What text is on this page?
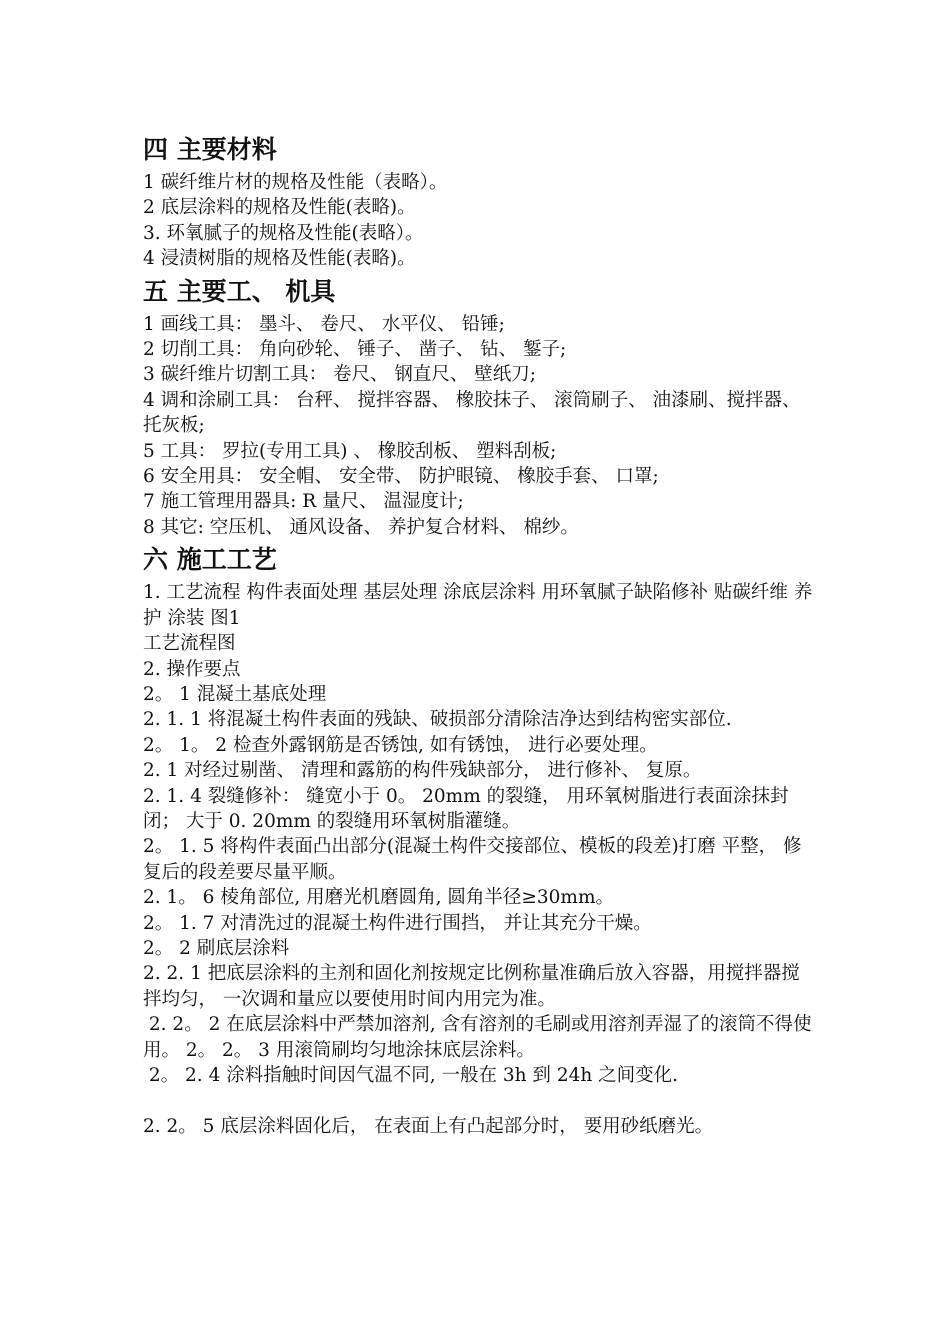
四 主要材料

1 碳纤维片材的规格及性能（表略）。

2 底层涂料的规格及性能(表略)。

3. 环氧腻子的规格及性能(表略）。

4 浸渍树脂的规格及性能(表略)。

五 主要工、 机具

1 画线工具： 墨斗、 卷尺、 水平仪、 铅锤;

2 切削工具： 角向砂轮、 锤子、 凿子、 钻、 錾子;

3 碳纤维片切割工具： 卷尺、 钢直尺、 壁纸刀;

4 调和涂刷工具： 台秤、 搅拌容器、 橡胶抹子、 滚筒刷子、 油漆刷、搅拌器、托灰板;

5 工具： 罗拉(专用工具) 、 橡胶刮板、 塑料刮板;

6 安全用具： 安全帽、 安全带、 防护眼镜、 橡胶手套、 口罩;

7 施工管理用器具: R 量尺、 温湿度计;

8 其它: 空压机、 通风设备、 养护复合材料、 棉纱。

六 施工工艺

1. 工艺流程 构件表面处理 基层处理 涂底层涂料 用环氧腻子缺陷修补 贴碳纤维 养护 涂装 图1

工艺流程图

2. 操作要点

2。 1 混凝土基底处理

2. 1. 1 将混凝土构件表面的残缺、破损部分清除洁净达到结构密实部位.

2。 1。 2 检查外露钢筋是否锈蚀, 如有锈蚀， 进行必要处理。

2. 1 对经过剔凿、 清理和露筋的构件残缺部分， 进行修补、 复原。

2. 1. 4 裂缝修补： 缝宽小于 0。 20mm 的裂缝， 用环氧树脂进行表面涂抹封闭； 大于 0. 20mm 的裂缝用环氧树脂灌缝。

2。 1. 5 将构件表面凸出部分(混凝土构件交接部位、模板的段差)打磨 平整， 修复后的段差要尽量平顺。

2. 1。 6 棱角部位, 用磨光机磨圆角, 圆角半径≥30mm。

2。 1. 7 对清洗过的混凝土构件进行围挡， 并让其充分干燥。

2。 2 刷底层涂料

2. 2. 1 把底层涂料的主剂和固化剂按规定比例称量准确后放入容器，用搅拌器搅拌均匀， 一次调和量应以要使用时间内用完为准。

2. 2。 2 在底层涂料中严禁加溶剂, 含有溶剂的毛刷或用溶剂弄湿了的滚筒不得使用。 2。 2。 3 用滚筒刷均匀地涂抹底层涂料。

2。 2. 4 涂料指触时间因气温不同, 一般在 3h 到 24h 之间变化.

2. 2。 5 底层涂料固化后， 在表面上有凸起部分时， 要用砂纸磨光。
